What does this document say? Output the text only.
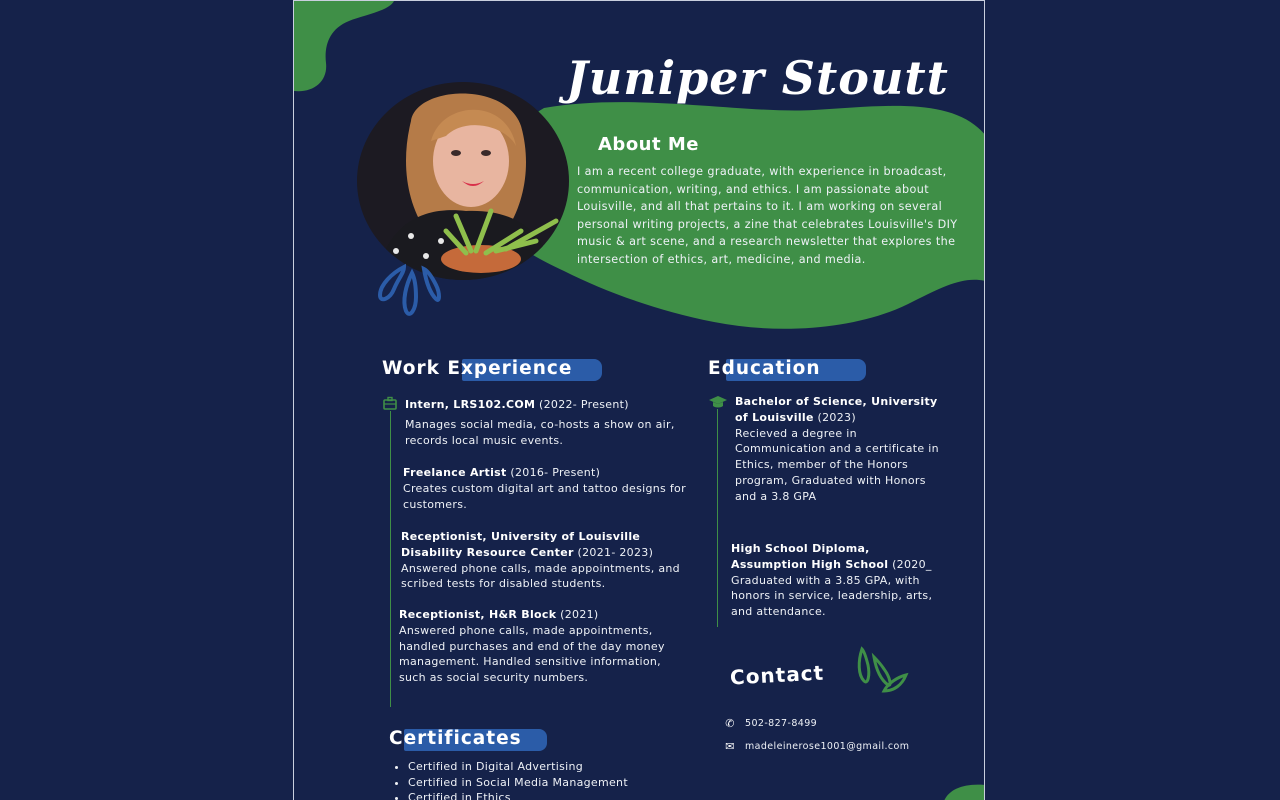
Juniper Stoutt
About Me
I am a recent college graduate, with experience in broadcast, communication, writing, and ethics. I am passionate about Louisville, and all that pertains to it. I am working on several personal writing projects, a zine that celebrates Louisville's DIY music & art scene, and a research newsletter that explores the intersection of ethics, art, medicine, and media.
Work Experience
Intern, LRS102.COM (2022- Present)
Manages social media, co-hosts a show on air, records local music events.
Freelance Artist (2016- Present)
Creates custom digital art and tattoo designs for customers.
Receptionist, University of Louisville Disability Resource Center (2021- 2023)
Answered phone calls, made appointments, and scribed tests for disabled students.
Receptionist, H&R Block (2021)
Answered phone calls, made appointments, handled purchases and end of the day money management. Handled sensitive information, such as social security numbers.
Education
Bachelor of Science, University of Louisville (2023)
Recieved a degree in Communication and a certificate in Ethics, member of the Honors program, Graduated with Honors and a 3.8 GPA
High School Diploma, Assumption High School (2020_
Graduated with a 3.85 GPA, with honors in service, leadership, arts, and attendance.
Contact
✆ 502-827-8499
✉ madeleinerose1001@gmail.com
Certificates
• Certified in Digital Advertising
• Certified in Social Media Management
• Certified in Ethics
